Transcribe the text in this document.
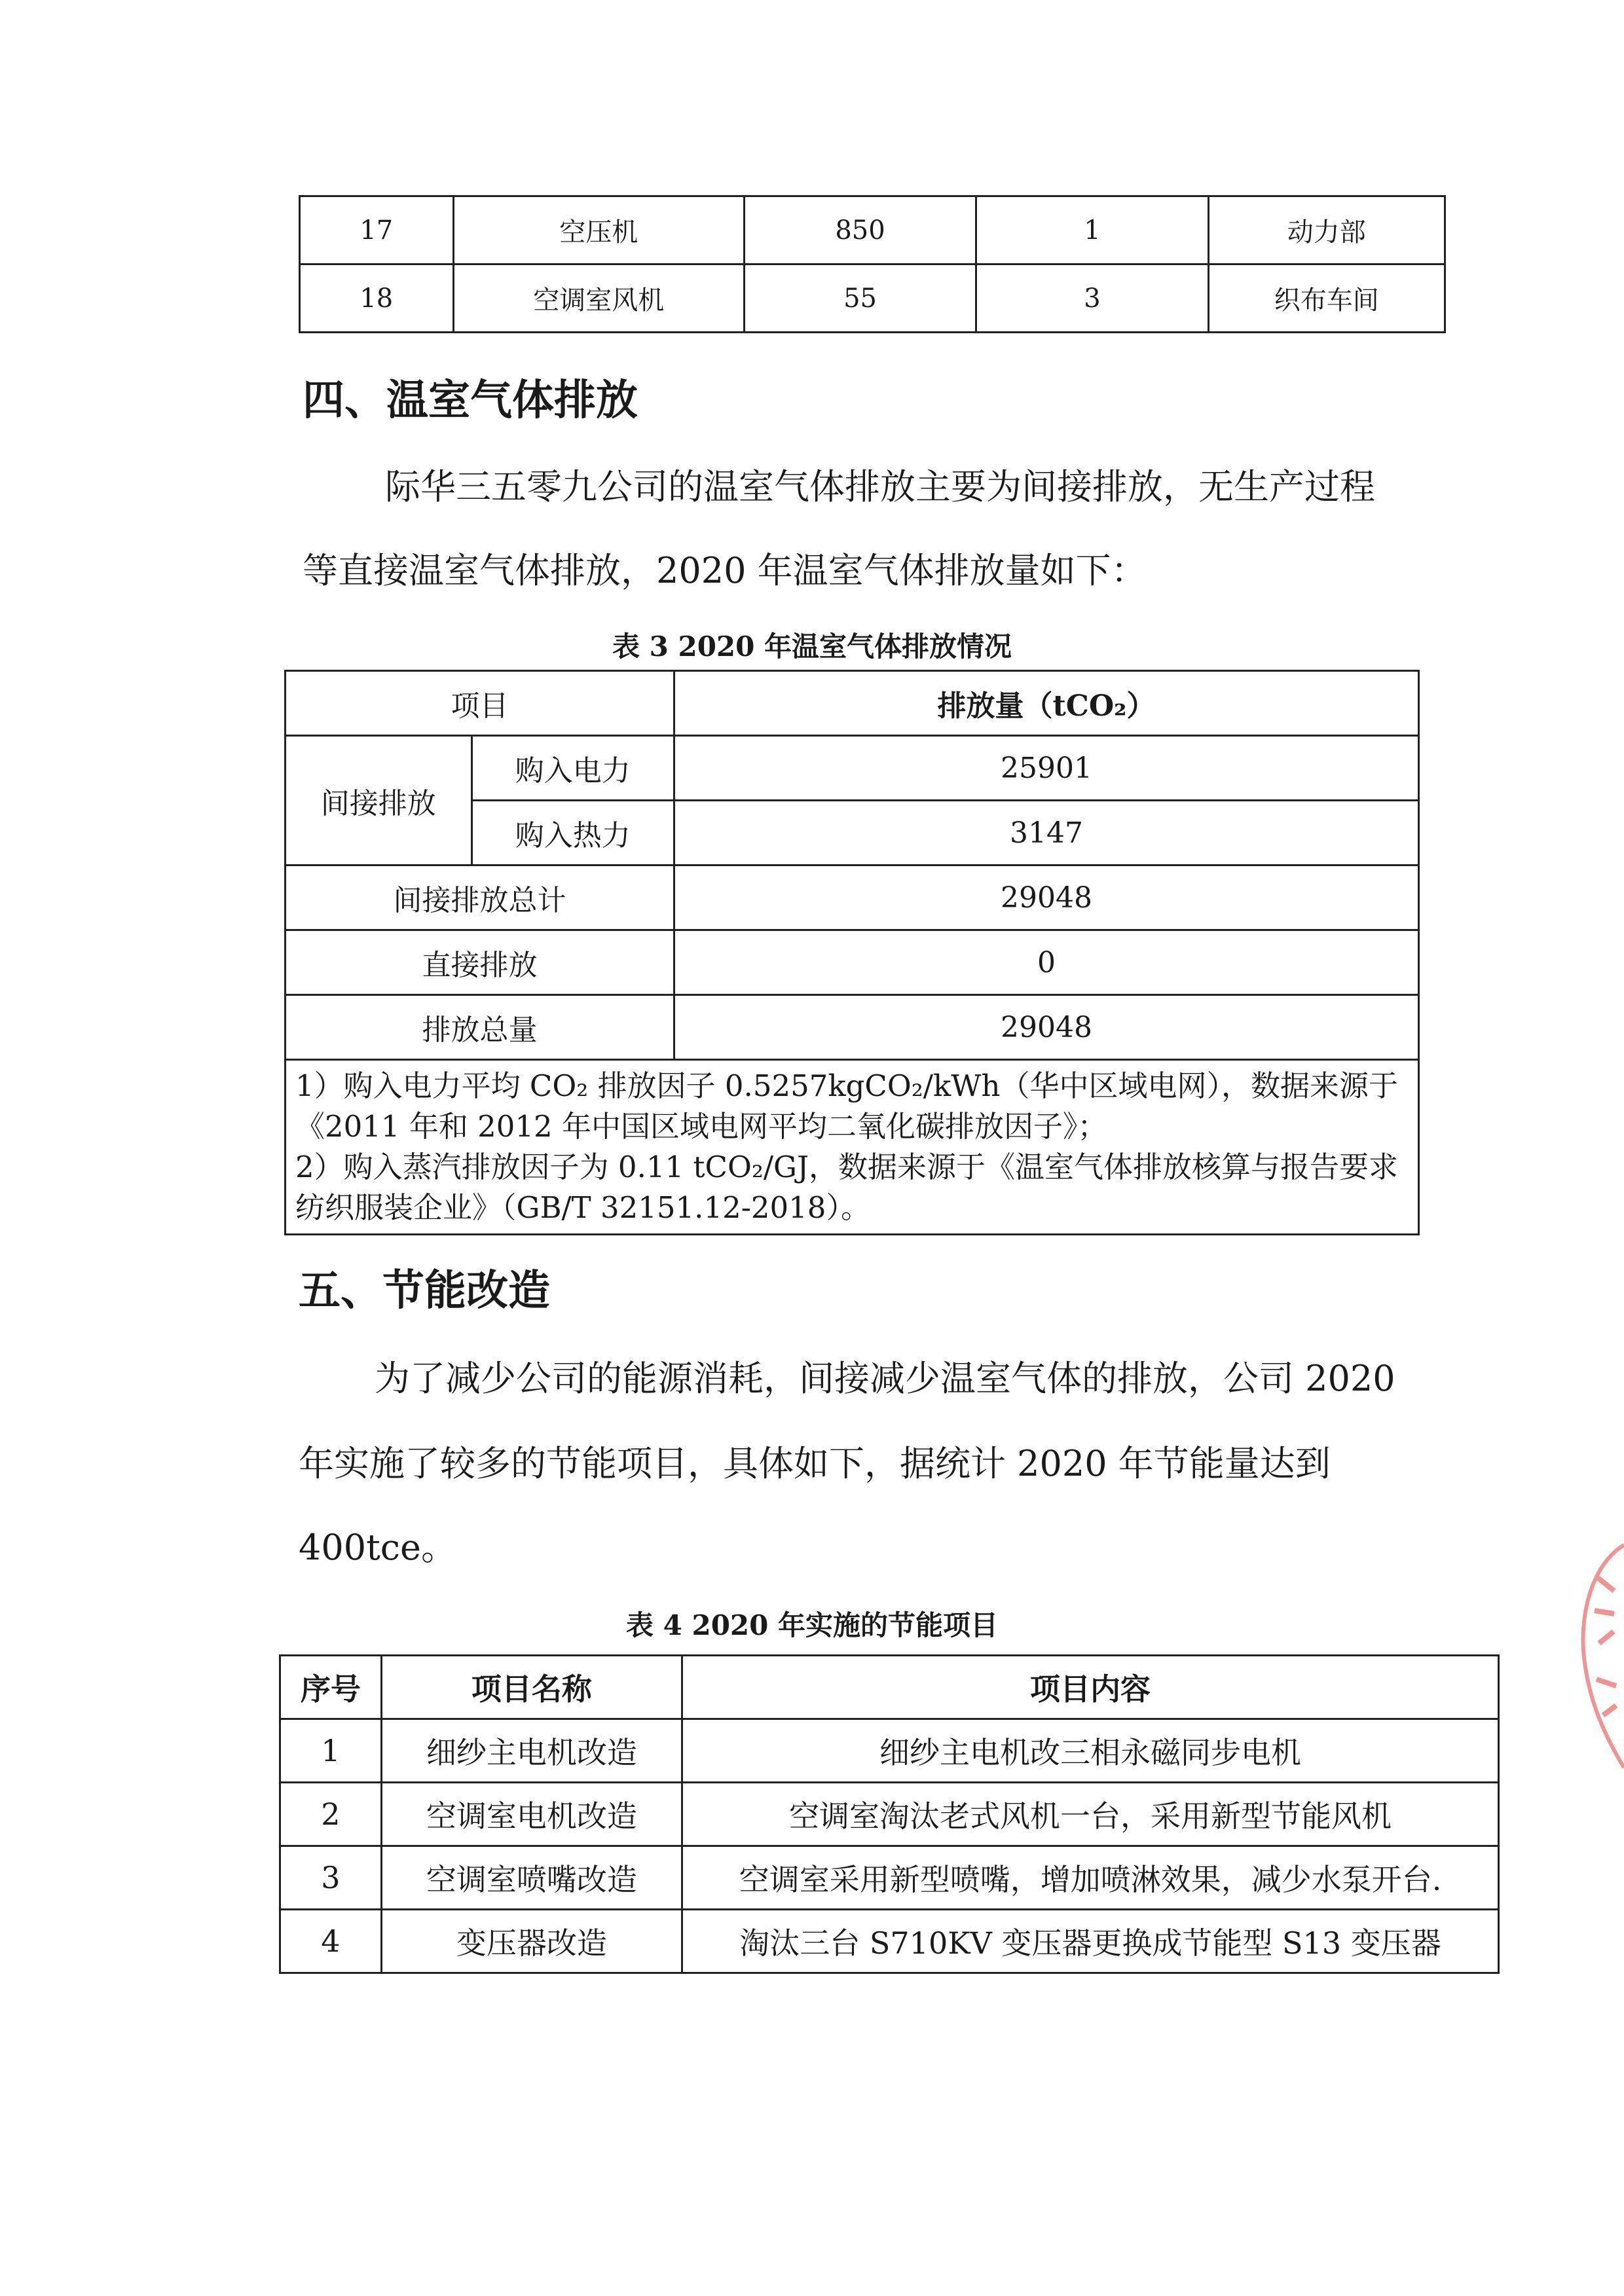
17	空压机	850	1	动力部
18	空调室风机	55	3	织布车间
四、温室气体排放

际华三五零九公司的温室气体排放主要为间接排放，无生产过程

等直接温室气体排放，2020 年温室气体排放量如下：

表 3 2020 年温室气体排放情况
项目		排放量（tCO₂）
间接排放	购入电力	25901
	购入热力	3147
间接排放总计		29048
直接排放		0
排放总量		29048

1）购入电力平均 CO₂ 排放因子 0.5257kgCO₂/kWh（华中区域电网），数据来源于《2011 年和 2012 年中国区域电网平均二氧化碳排放因子》；
2）购入蒸汽排放因子为 0.11 tCO₂/GJ，数据来源于《温室气体排放核算与报告要求 纺织服装企业》（GB/T 32151.12-2018）。		
五、节能改造

为了减少公司的能源消耗，间接减少温室气体的排放，公司 2020

年实施了较多的节能项目，具体如下，据统计 2020 年节能量达到

400tce。

表 4 2020 年实施的节能项目
序号	项目名称	项目内容
1	细纱主电机改造	细纱主电机改三相永磁同步电机
2	空调室电机改造	空调室淘汰老式风机一台，采用新型节能风机
3	空调室喷嘴改造	空调室采用新型喷嘴，增加喷淋效果，减少水泵开台.
4	变压器改造	淘汰三台 S710KV 变压器更换成节能型 S13 变压器
